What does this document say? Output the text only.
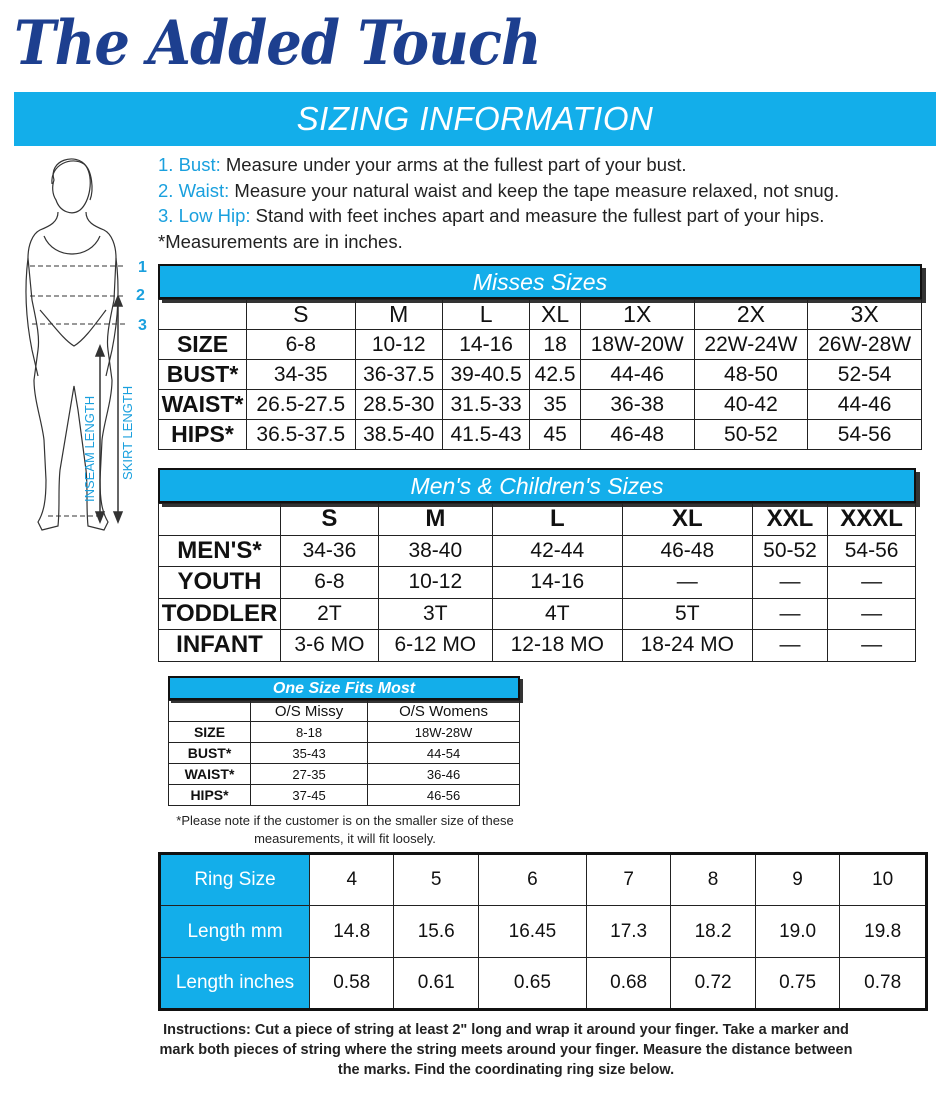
The Added Touch
SIZING INFORMATION
1
2
3
INSEAM LENGTH SKIRT LENGTH
1. Bust: Measure under your arms at the fullest part of your bust.
2. Waist: Measure your natural waist and keep the tape measure relaxed, not snug.
3. Low Hip: Stand with feet inches apart and measure the fullest part of your hips.
*Measurements are in inches.
Misses Sizes
	S	M	L	XL	1X	2X	3X
SIZE	6-8	10-12	14-16	18	18W-20W	22W-24W	26W-28W
BUST*	34-35	36-37.5	39-40.5	42.5	44-46	48-50	52-54
WAIST*	26.5-27.5	28.5-30	31.5-33	35	36-38	40-42	44-46
HIPS*	36.5-37.5	38.5-40	41.5-43	45	46-48	50-52	54-56
Men's & Children's Sizes
	S	M	L	XL	XXL	XXXL
MEN'S*	34-36	38-40	42-44	46-48	50-52	54-56
YOUTH	6-8	10-12	14-16	—	—	—
TODDLER	2T	3T	4T	5T	—	—
INFANT	3-6 MO	6-12 MO	12-18 MO	18-24 MO	—	—
One Size Fits Most
	O/S Missy	O/S Womens
SIZE	8-18	18W-28W
BUST*	35-43	44-54
WAIST*	27-35	36-46
HIPS*	37-45	46-56
*Please note if the customer is on the smaller size of these measurements, it will fit loosely.
Ring Size	4	5	6	7	8	9	10
Length mm	14.8	15.6	16.45	17.3	18.2	19.0	19.8
Length inches	0.58	0.61	0.65	0.68	0.72	0.75	0.78
Instructions: Cut a piece of string at least 2" long and wrap it around your finger. Take a marker and mark both pieces of string where the string meets around your finger. Measure the distance between the marks. Find the coordinating ring size below.
